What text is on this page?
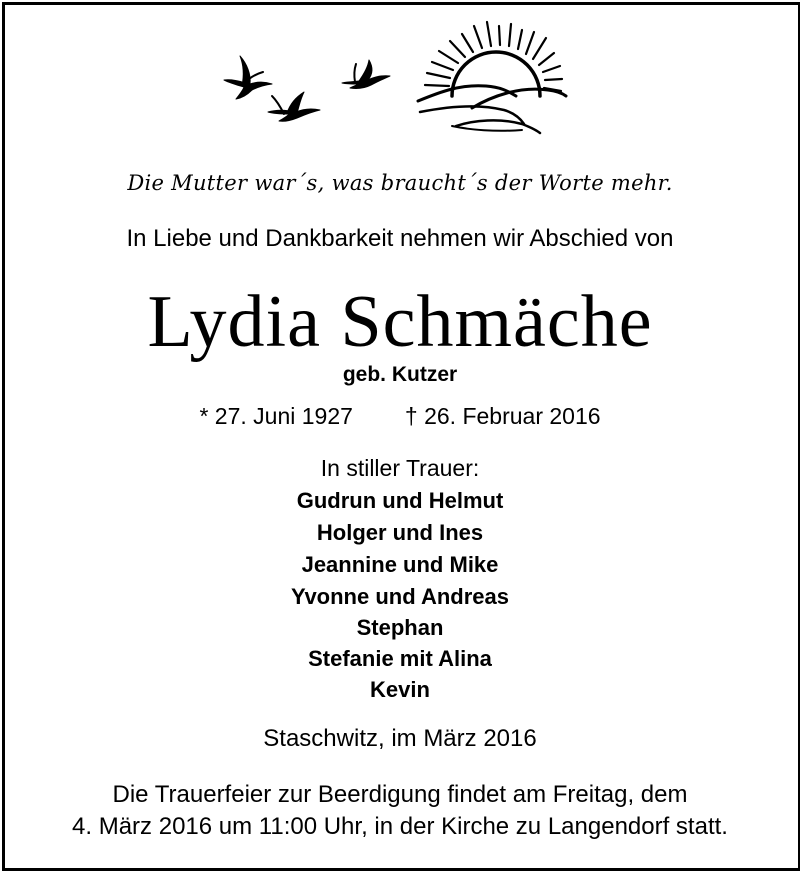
Die Mutter war´s, was braucht´s der Worte mehr.
In Liebe und Dankbarkeit nehmen wir Abschied von
Lydia Schmäche
geb. Kutzer
* 27. Juni 1927 † 26. Februar 2016
In stiller Trauer:
Gudrun und Helmut
Holger und Ines
Jeannine und Mike
Yvonne und Andreas
Stephan
Stefanie mit Alina
Kevin
Staschwitz, im März 2016
Die Trauerfeier zur Beerdigung findet am Freitag, dem
4. März 2016 um 11:00 Uhr, in der Kirche zu Langendorf statt.
